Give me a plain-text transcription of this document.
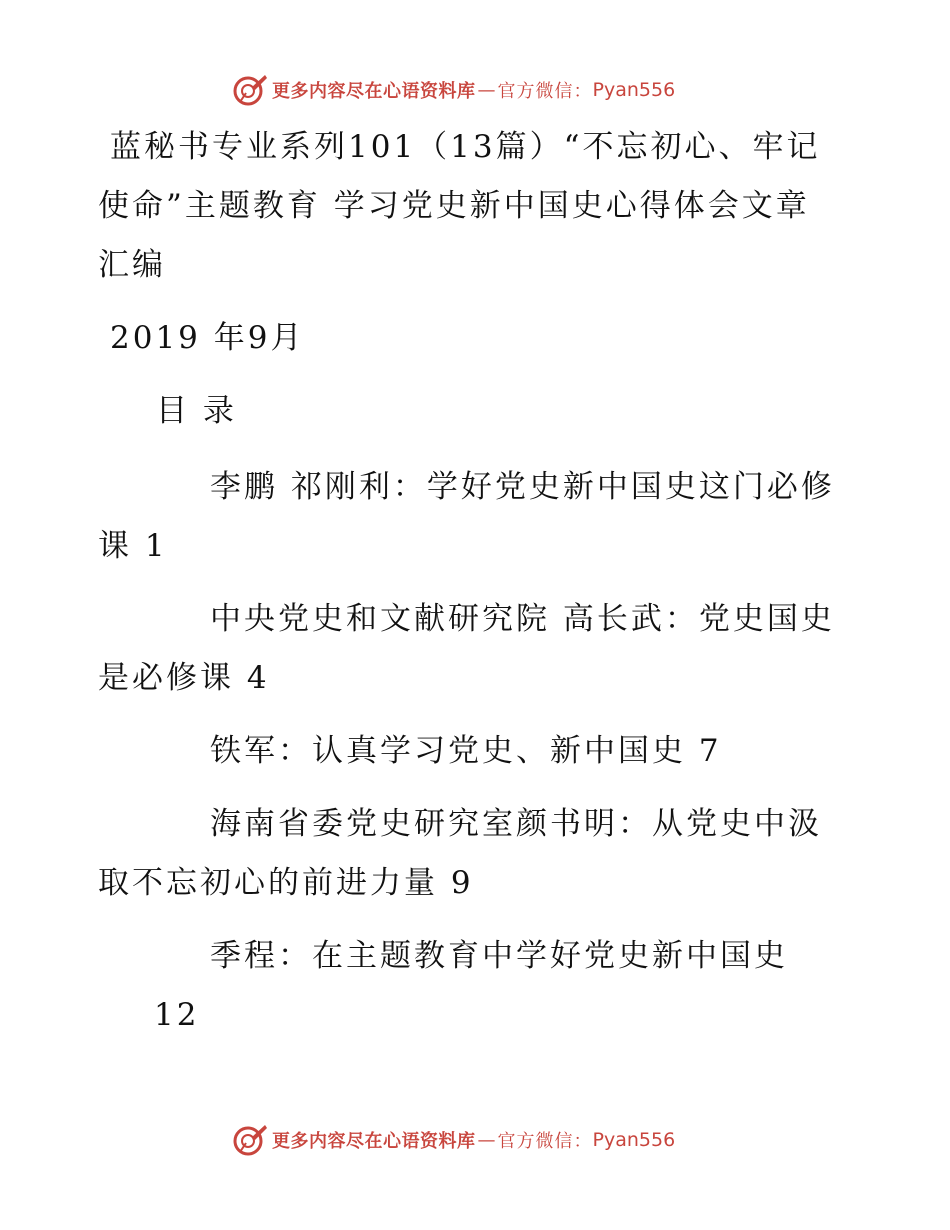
更多内容尽在心语资料库 — 官方微信： Pyan556
蓝秘书专业系列101（13篇）“不忘初心、牢记
使命”主题教育 学习党史新中国史心得体会文章
汇编
2019 年9月
目 录
李鹏 祁刚利：学好党史新中国史这门必修
课 1
中央党史和文献研究院 高长武：党史国史
是必修课 4
铁军：认真学习党史、新中国史 7
海南省委党史研究室颜书明：从党史中汲
取不忘初心的前进力量 9
季程：在主题教育中学好党史新中国史
12
更多内容尽在心语资料库 — 官方微信： Pyan556
